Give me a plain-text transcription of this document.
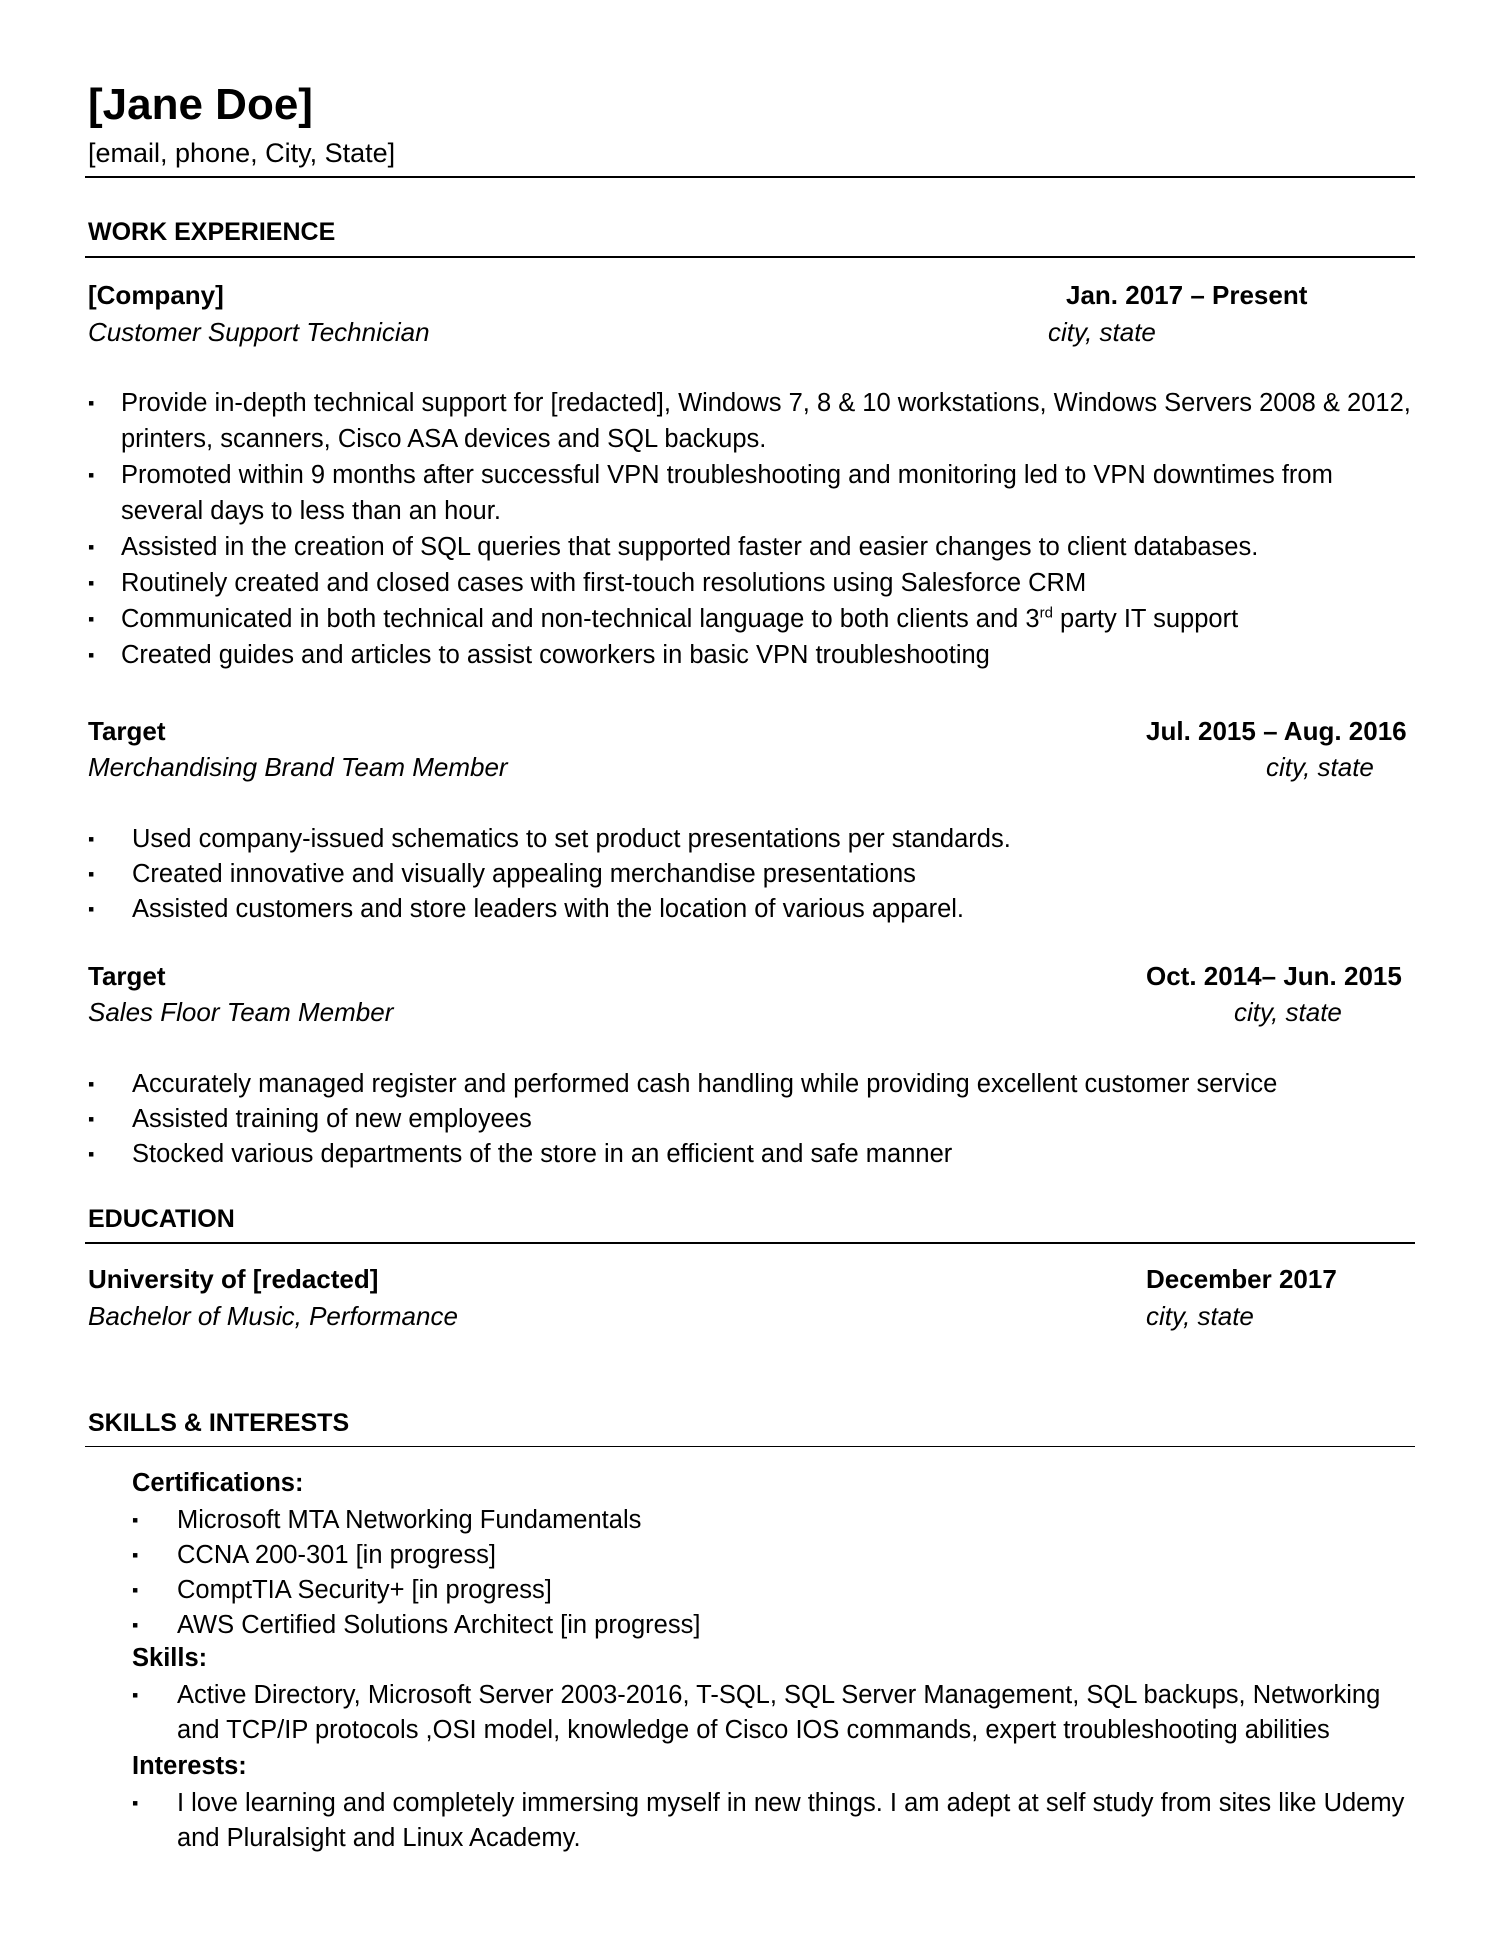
[Jane Doe]
[email, phone, City, State]
WORK EXPERIENCE
[Company]	Jan. 2017 – Present
Customer Support Technician	city, state
▪ Provide in-depth technical support for [redacted], Windows 7, 8 & 10 workstations, Windows Servers 2008 & 2012, printers, scanners, Cisco ASA devices and SQL backups.
▪ Promoted within 9 months after successful VPN troubleshooting and monitoring led to VPN downtimes from several days to less than an hour.
▪ Assisted in the creation of SQL queries that supported faster and easier changes to client databases.
▪ Routinely created and closed cases with first-touch resolutions using Salesforce CRM
▪ Communicated in both technical and non-technical language to both clients and 3rd party IT support
▪ Created guides and articles to assist coworkers in basic VPN troubleshooting
Target	Jul. 2015 – Aug. 2016
Merchandising Brand Team Member	city, state
▪ Used company-issued schematics to set product presentations per standards.
▪ Created innovative and visually appealing merchandise presentations
▪ Assisted customers and store leaders with the location of various apparel.
Target	Oct. 2014– Jun. 2015
Sales Floor Team Member	city, state
▪ Accurately managed register and performed cash handling while providing excellent customer service
▪ Assisted training of new employees
▪ Stocked various departments of the store in an efficient and safe manner
EDUCATION
University of [redacted]	December 2017
Bachelor of Music, Performance	city, state
SKILLS & INTERESTS
Certifications:
▪ Microsoft MTA Networking Fundamentals
▪ CCNA 200-301 [in progress]
▪ ComptTIA Security+ [in progress]
▪ AWS Certified Solutions Architect [in progress]
Skills:
▪ Active Directory, Microsoft Server 2003-2016, T-SQL, SQL Server Management, SQL backups, Networking and TCP/IP protocols ,OSI model, knowledge of Cisco IOS commands, expert troubleshooting abilities
Interests:
▪ I love learning and completely immersing myself in new things. I am adept at self study from sites like Udemy and Pluralsight and Linux Academy.
